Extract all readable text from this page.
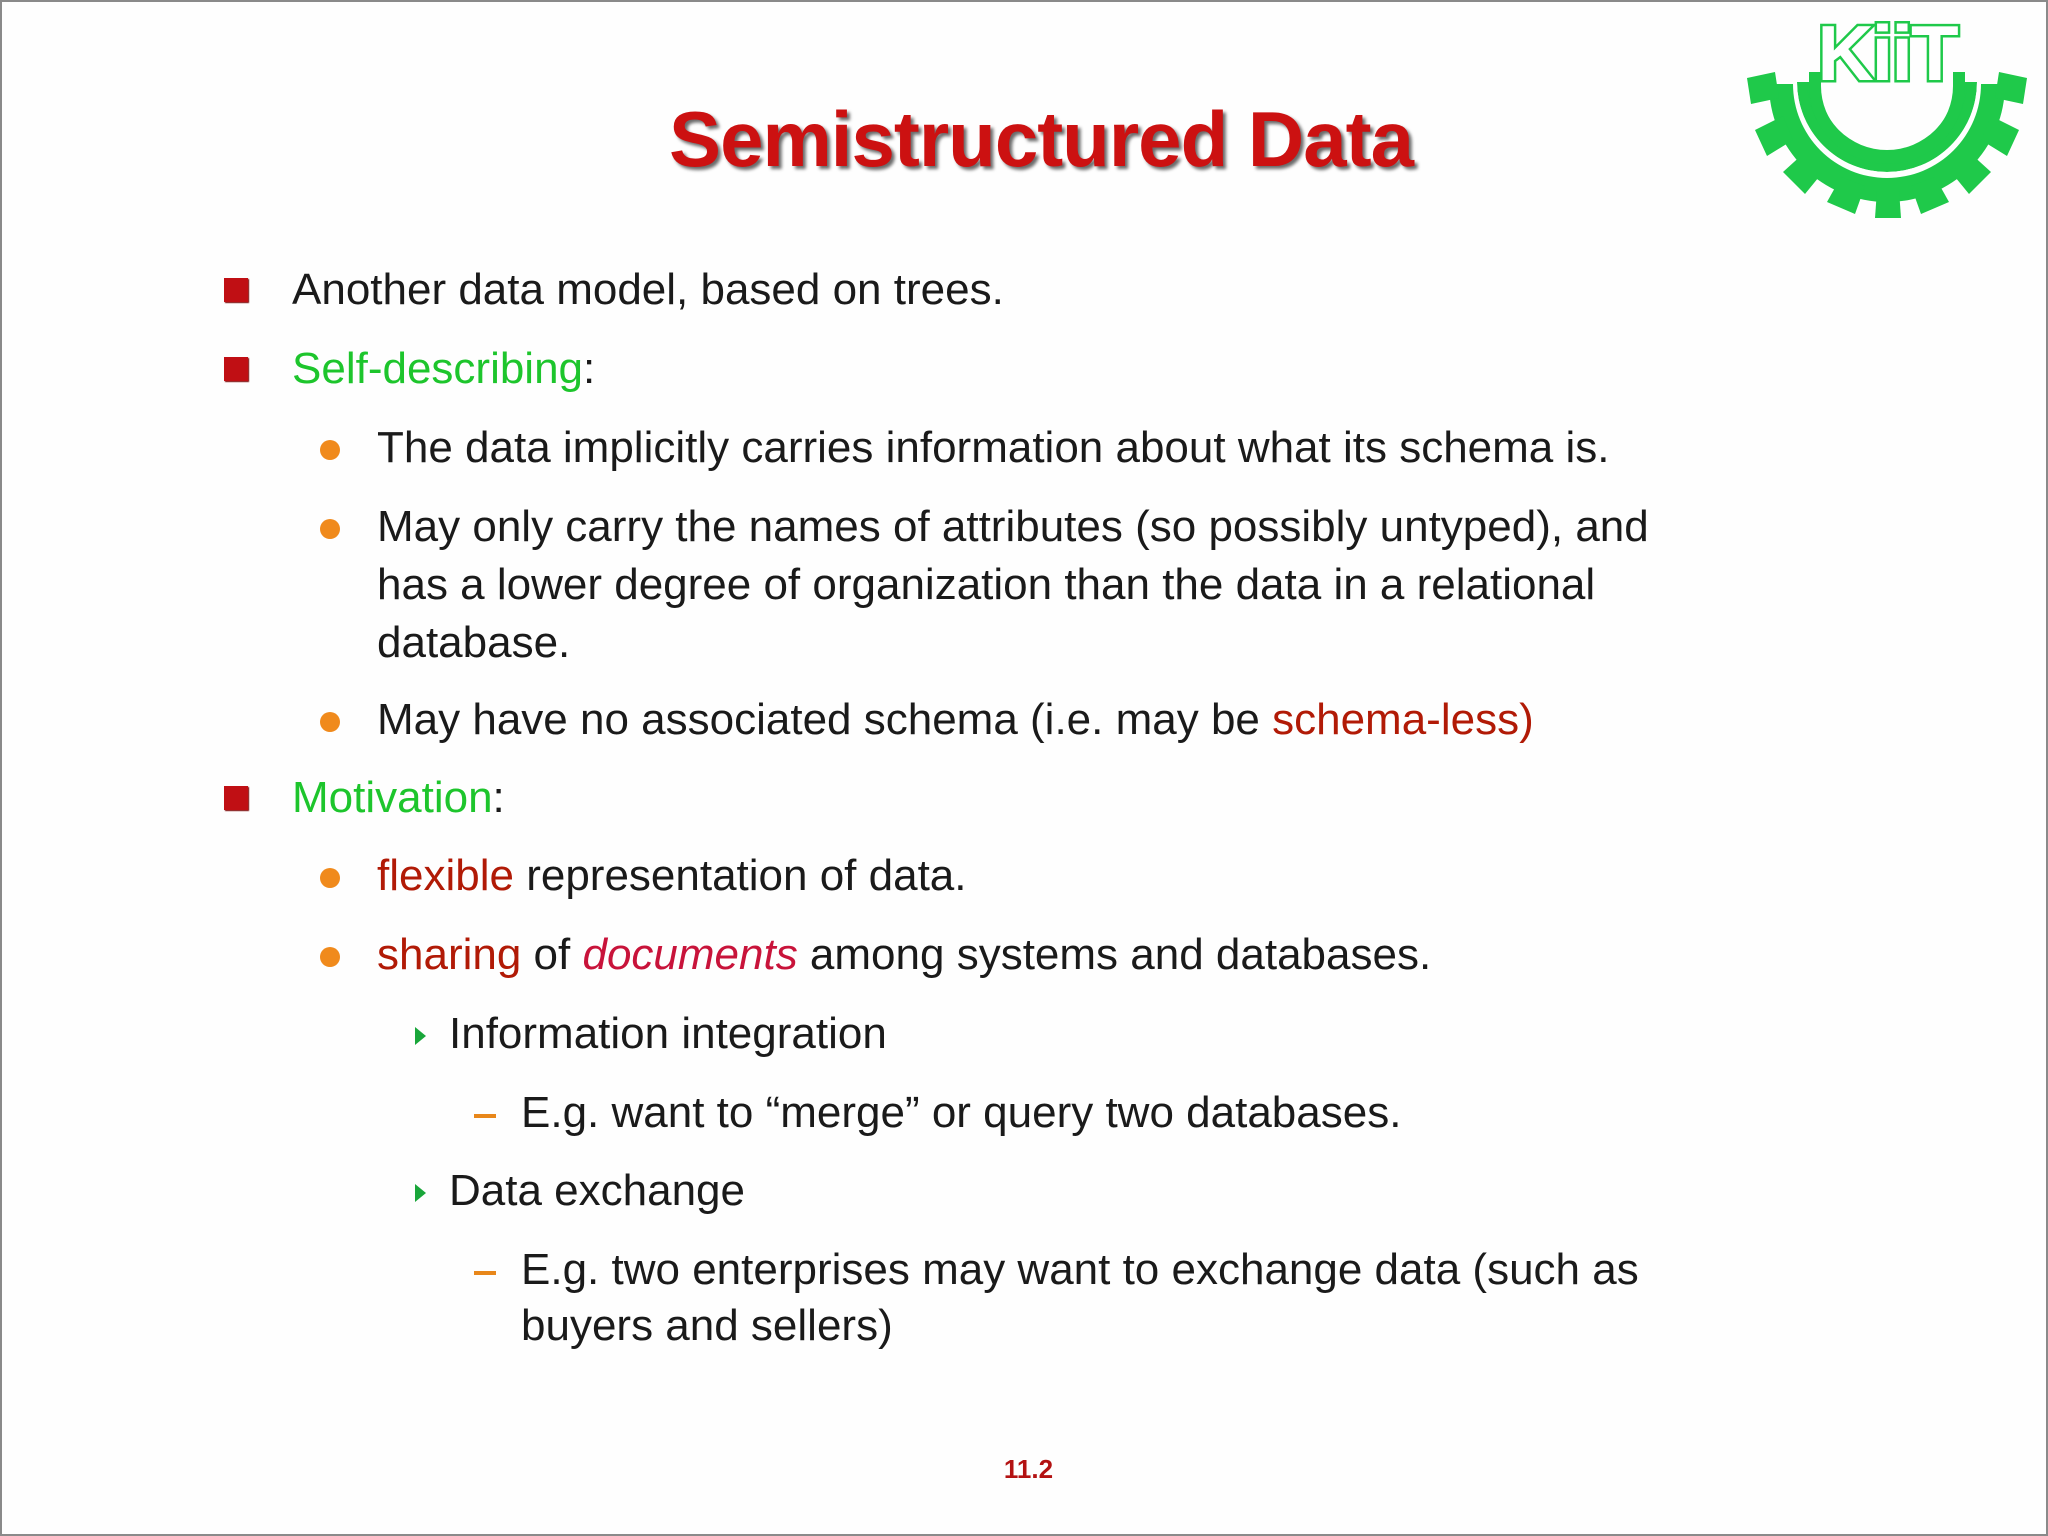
KiiT
Semistructured Data
Another data model, based on trees.
Self-describing:
The data implicitly carries information about what its schema is.
May only carry the names of attributes (so possibly untyped), and
has a lower degree of organization than the data in a relational
database.
May have no associated schema (i.e. may be schema-less)
Motivation:
flexible representation of data.
sharing of documents among systems and databases.
Information integration
E.g. want to “merge” or query two databases.
Data exchange
E.g. two enterprises may want to exchange data (such as
buyers and sellers)
11.2
